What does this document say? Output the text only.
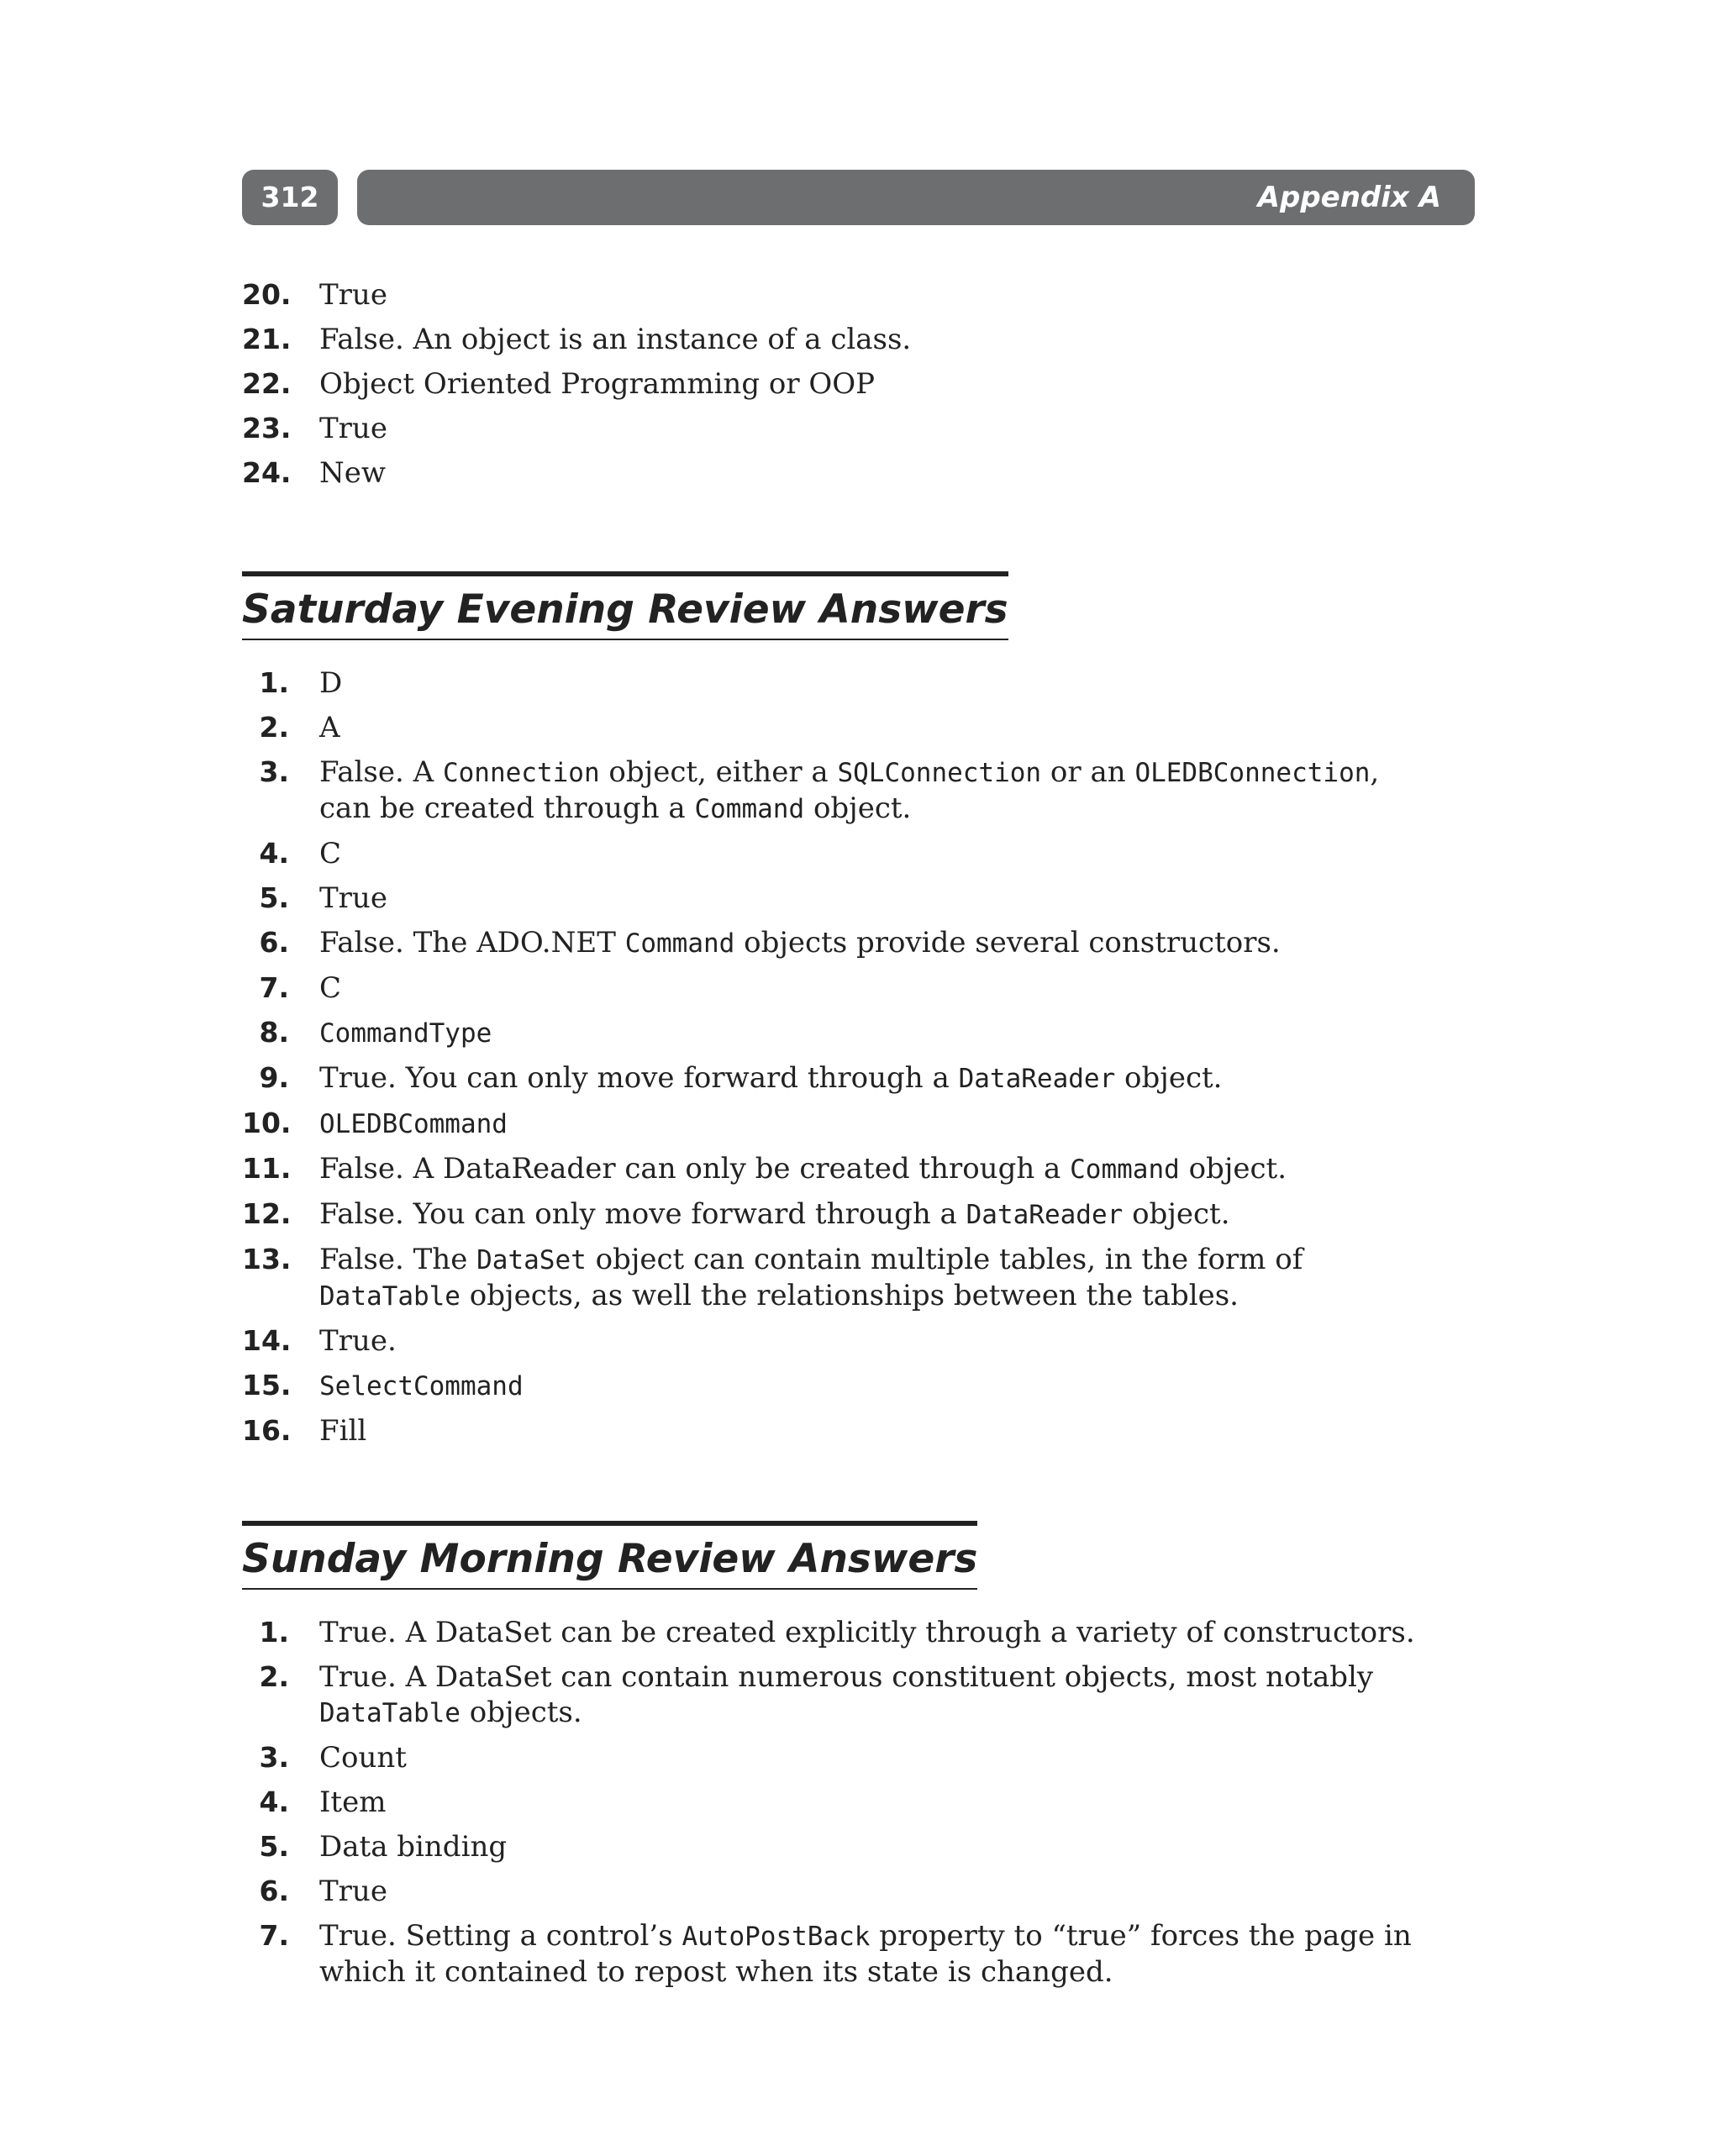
312	Appendix A
20. True
21. False. An object is an instance of a class.
22. Object Oriented Programming or OOP
23. True
24. New
Saturday Evening Review Answers
1. D
2. A
3. False. A Connection object, either a SQLConnection or an OLEDBConnection, can be created through a Command object.
4. C
5. True
6. False. The ADO.NET Command objects provide several constructors.
7. C
8. CommandType
9. True. You can only move forward through a DataReader object.
10. OLEDBCommand
11. False. A DataReader can only be created through a Command object.
12. False. You can only move forward through a DataReader object.
13. False. The DataSet object can contain multiple tables, in the form of DataTable objects, as well the relationships between the tables.
14. True.
15. SelectCommand
16. Fill
Sunday Morning Review Answers
1. True. A DataSet can be created explicitly through a variety of constructors.
2. True. A DataSet can contain numerous constituent objects, most notably DataTable objects.
3. Count
4. Item
5. Data binding
6. True
7. True. Setting a control’s AutoPostBack property to “true” forces the page in which it contained to repost when its state is changed.
